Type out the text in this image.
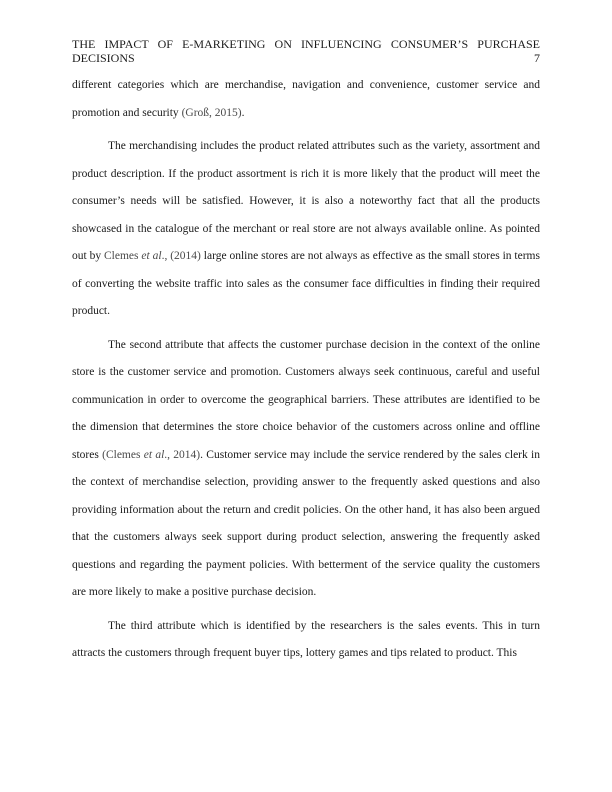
THE IMPACT OF E-MARKETING ON INFLUENCING CONSUMER’S PURCHASE
DECISIONS	7

different categories which are merchandise, navigation and convenience, customer service and promotion and security (Groß, 2015).

The merchandising includes the product related attributes such as the variety, assortment and product description. If the product assortment is rich it is more likely that the product will meet the consumer’s needs will be satisfied. However, it is also a noteworthy fact that all the products showcased in the catalogue of the merchant or real store are not always available online. As pointed out by Clemes et al., (2014) large online stores are not always as effective as the small stores in terms of converting the website traffic into sales as the consumer face difficulties in finding their required product.

The second attribute that affects the customer purchase decision in the context of the online store is the customer service and promotion. Customers always seek continuous, careful and useful communication in order to overcome the geographical barriers. These attributes are identified to be the dimension that determines the store choice behavior of the customers across online and offline stores (Clemes et al., 2014). Customer service may include the service rendered by the sales clerk in the context of merchandise selection, providing answer to the frequently asked questions and also providing information about the return and credit policies. On the other hand, it has also been argued that the customers always seek support during product selection, answering the frequently asked questions and regarding the payment policies. With betterment of the service quality the customers are more likely to make a positive purchase decision.

The third attribute which is identified by the researchers is the sales events. This in turn attracts the customers through frequent buyer tips, lottery games and tips related to product. This
